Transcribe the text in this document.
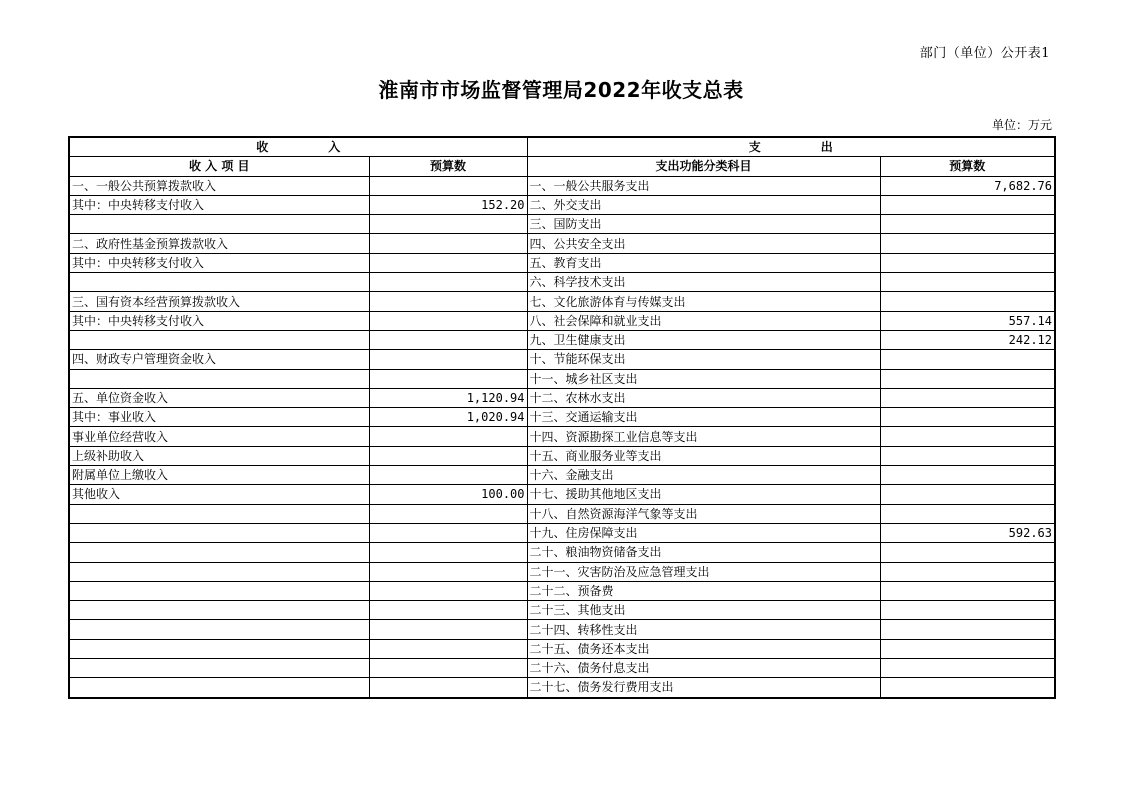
部门（单位）公开表1
淮南市市场监督管理局2022年收支总表
单位：万元
收 入		支 出	
收 入 项 目	预算数	支出功能分类科目	预算数
一、一般公共预算拨款收入		一、一般公共服务支出	7,682.76
其中：中央转移支付收入	152.20	二、外交支出	
		三、国防支出	
二、政府性基金预算拨款收入		四、公共安全支出	
其中：中央转移支付收入		五、教育支出	
		六、科学技术支出	
三、国有资本经营预算拨款收入		七、文化旅游体育与传媒支出	
其中：中央转移支付收入		八、社会保障和就业支出	557.14
		九、卫生健康支出	242.12
四、财政专户管理资金收入		十、节能环保支出	
		十一、城乡社区支出	
五、单位资金收入	1,120.94	十二、农林水支出	
其中：事业收入	1,020.94	十三、交通运输支出	
事业单位经营收入		十四、资源勘探工业信息等支出	
上级补助收入		十五、商业服务业等支出	
附属单位上缴收入		十六、金融支出	
其他收入	100.00	十七、援助其他地区支出	
		十八、自然资源海洋气象等支出	
		十九、住房保障支出	592.63
		二十、粮油物资储备支出	
		二十一、灾害防治及应急管理支出	
		二十二、预备费	
		二十三、其他支出	
		二十四、转移性支出	
		二十五、债务还本支出	
		二十六、债务付息支出	
		二十七、债务发行费用支出	
